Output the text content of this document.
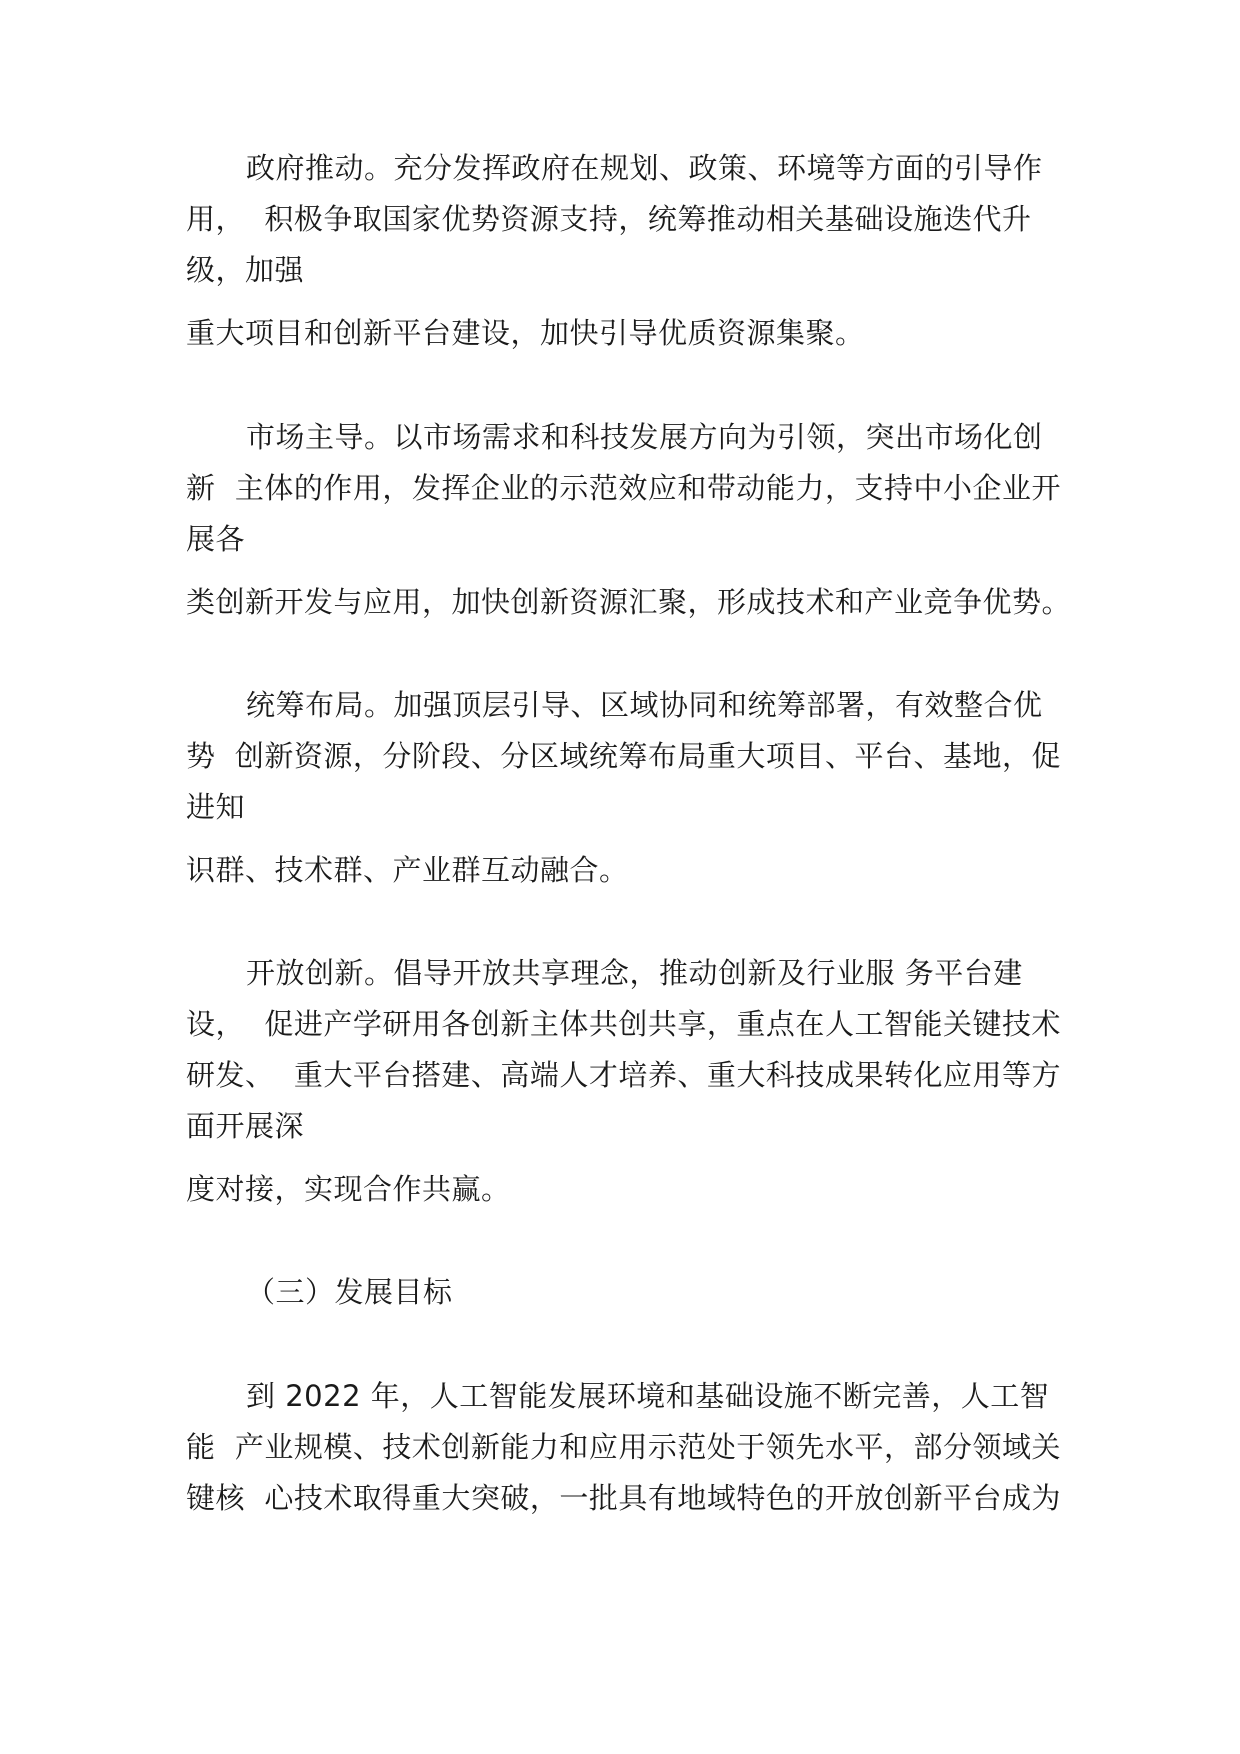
政府推动。充分发挥政府在规划、政策、环境等方面的引导作
用，  积极争取国家优势资源支持，统筹推动相关基础设施迭代升
级，加强
重大项目和创新平台建设，加快引导优质资源集聚。
市场主导。以市场需求和科技发展方向为引领，突出市场化创
新  主体的作用，发挥企业的示范效应和带动能力，支持中小企业开
展各
类创新开发与应用，加快创新资源汇聚，形成技术和产业竞争优势。
统筹布局。加强顶层引导、区域协同和统筹部署，有效整合优
势  创新资源，分阶段、分区域统筹布局重大项目、平台、基地，促
进知
识群、技术群、产业群互动融合。
开放创新。倡导开放共享理念，推动创新及行业服 务平台建
设，  促进产学研用各创新主体共创共享，重点在人工智能关键技术
研发、  重大平台搭建、高端人才培养、重大科技成果转化应用等方
面开展深
度对接，实现合作共赢。
（三）发展目标
到 2022 年，人工智能发展环境和基础设施不断完善，人工智
能  产业规模、技术创新能力和应用示范处于领先水平，部分领域关
键核  心技术取得重大突破，一批具有地域特色的开放创新平台成为
